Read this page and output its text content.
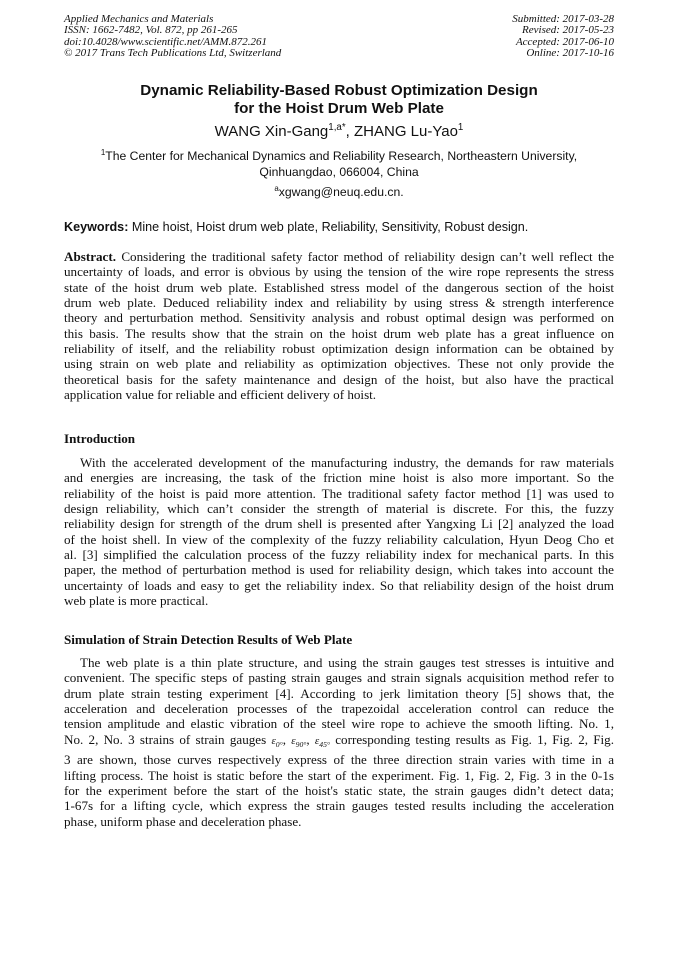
Applied Mechanics and Materials
ISSN: 1662-7482, Vol. 872, pp 261-265
doi:10.4028/www.scientific.net/AMM.872.261
© 2017 Trans Tech Publications Ltd, Switzerland
Submitted: 2017-03-28
Revised: 2017-05-23
Accepted: 2017-06-10
Online: 2017-10-16
Dynamic Reliability-Based Robust Optimization Design
for the Hoist Drum Web Plate
WANG Xin-Gang$^{1,a*}$, ZHANG Lu-Yao$^1$
$^1$The Center for Mechanical Dynamics and Reliability Research, Northeastern University,
Qinhuangdao, 066004, China
$^a$xgwang@neuq.edu.cn.
Keywords: Mine hoist, Hoist drum web plate, Reliability, Sensitivity, Robust design.
Abstract. Considering the traditional safety factor method of reliability design can’t well reflect the
uncertainty of loads, and error is obvious by using the tension of the wire rope represents the stress
state of the hoist drum web plate. Established stress model of the dangerous section of the hoist
drum web plate. Deduced reliability index and reliability by using stress & strength interference
theory and perturbation method. Sensitivity analysis and robust optimal design was performed on
this basis. The results show that the strain on the hoist drum web plate has a great influence on
reliability of itself, and the reliability robust optimization design information can be obtained by
using strain on web plate and reliability as optimization objectives. These not only provide the
theoretical basis for the safety maintenance and design of the hoist, but also have the practical
application value for reliable and efficient delivery of hoist.
Introduction
With the accelerated development of the manufacturing industry, the demands for raw materials
and energies are increasing, the task of the friction mine hoist is also more important. So the
reliability of the hoist is paid more attention. The traditional safety factor method [1] was used to
design reliability, which can’t consider the strength of material is discrete. For this, the fuzzy
reliability design for strength of the drum shell is presented after Yangxing Li [2] analyzed the load
of the hoist shell. In view of the complexity of the fuzzy reliability calculation, Hyun Deog Cho et
al. [3] simplified the calculation process of the fuzzy reliability index for mechanical parts. In this
paper, the method of perturbation method is used for reliability design, which takes into account the
uncertainty of loads and easy to get the reliability index. So that reliability design of the hoist drum
web plate is more practical.
Simulation of Strain Detection Results of Web Plate
The web plate is a thin plate structure, and using the strain gauges test stresses is intuitive and
convenient. The specific steps of pasting strain gauges and strain signals acquisition method refer to
drum plate strain testing experiment [4]. According to jerk limitation theory [5] shows that, the
acceleration and deceleration processes of the trapezoidal acceleration control can reduce the
tension amplitude and elastic vibration of the steel wire rope to achieve the smooth lifting. No. 1,
No. 2, No. 3 strains of strain gauges $\varepsilon_{0^\circ}$, $\varepsilon_{90^\circ}$, $\varepsilon_{45^\circ}$ corresponding testing results as Fig. 1, Fig. 2, Fig.
3 are shown, those curves respectively express of the three direction strain varies with time in a
lifting process. The hoist is static before the start of the experiment. Fig. 1, Fig. 2, Fig. 3 in the 0-1s
for the experiment before the start of the hoist's static state, the strain gauges didn’t detect data;
1-67s for a lifting cycle, which express the strain gauges tested results including the acceleration
phase, uniform phase and deceleration phase.
